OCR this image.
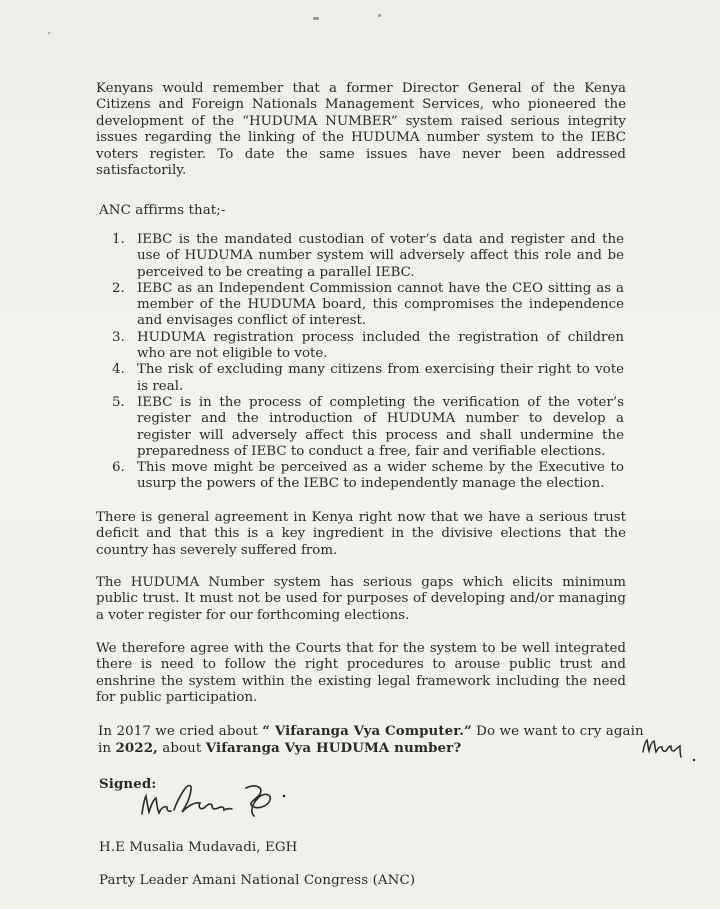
Kenyans would remember that a former Director General of the Kenya Citizens and Foreign Nationals Management Services, who pioneered the development of the “HUDUMA NUMBER” system raised serious integrity issues regarding the linking of the HUDUMA number system to the IEBC voters register. To date the same issues have never been addressed satisfactorily.

ANC affirms that;-
1. IEBC is the mandated custodian of voter’s data and register and the use of HUDUMA number system will adversely affect this role and be perceived to be creating a parallel IEBC.
2. IEBC as an Independent Commission cannot have the CEO sitting as a member of the HUDUMA board, this compromises the independence and envisages conflict of interest.
3. HUDUMA registration process included the registration of children who are not eligible to vote.
4. The risk of excluding many citizens from exercising their right to vote is real.
5. IEBC is in the process of completing the verification of the voter’s register and the introduction of HUDUMA number to develop a register will adversely affect this process and shall undermine the preparedness of IEBC to conduct a free, fair and verifiable elections.
6. This move might be perceived as a wider scheme by the Executive to usurp the powers of the IEBC to independently manage the election.

There is general agreement in Kenya right now that we have a serious trust deficit and that this is a key ingredient in the divisive elections that the country has severely suffered from.

The HUDUMA Number system has serious gaps which elicits minimum public trust. It must not be used for purposes of developing and/or managing a voter register for our forthcoming elections.

We therefore agree with the Courts that for the system to be well integrated there is need to follow the right procedures to arouse public trust and enshrine the system within the existing legal framework including the need for public participation.

In 2017 we cried about “ Vifaranga Vya Computer.” Do we want to cry again
in 2022, about Vifaranga Vya HUDUMA number?
Signed:
H.E Musalia Mudavadi, EGH
Party Leader Amani National Congress (ANC)
